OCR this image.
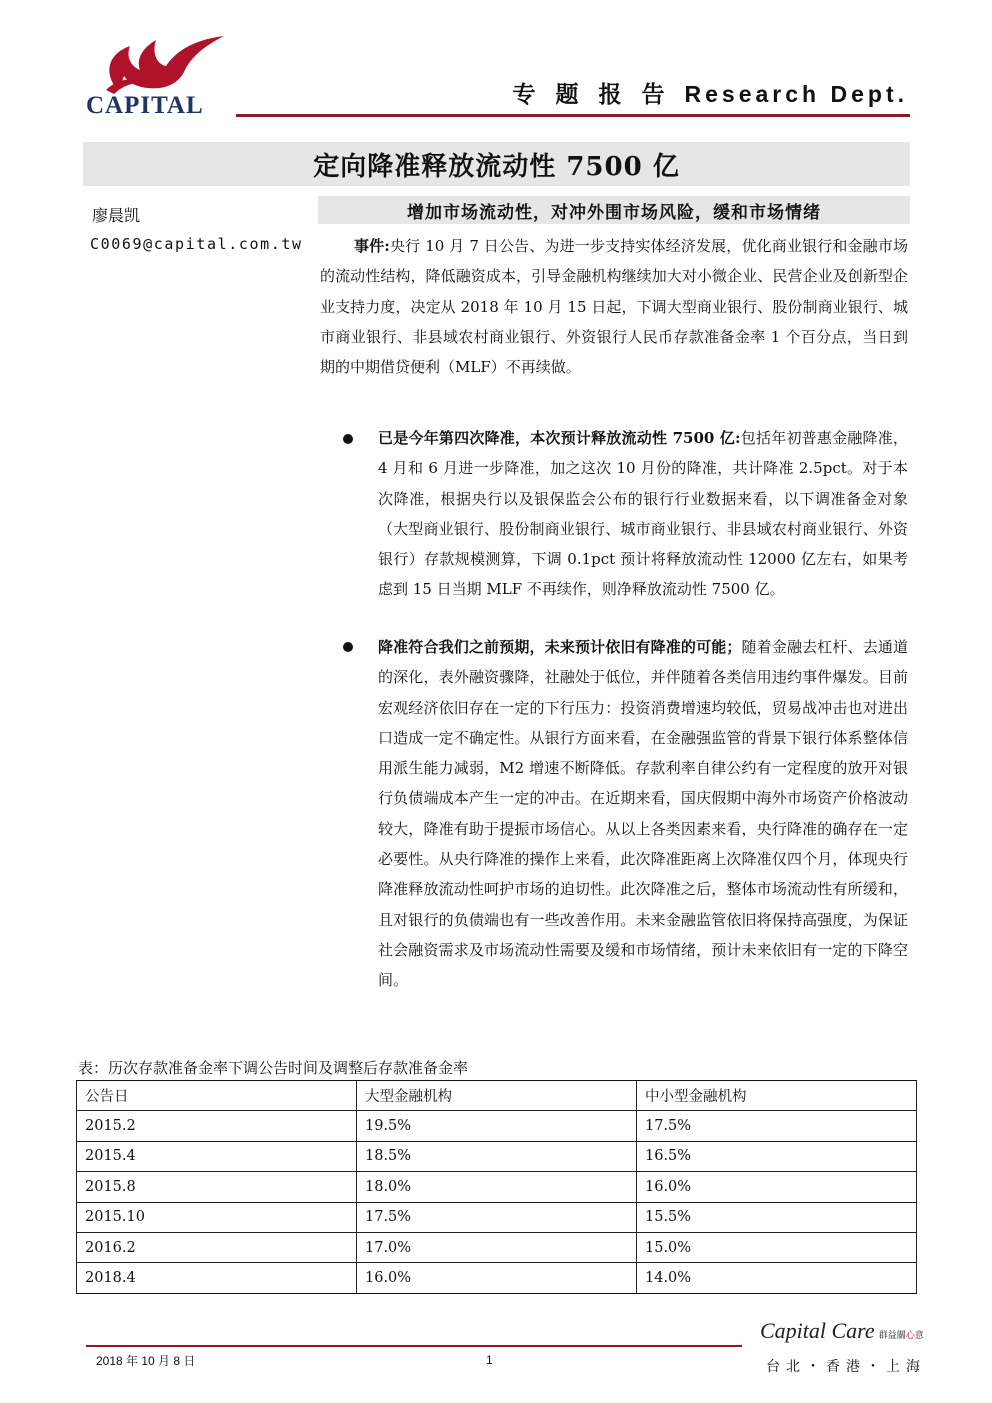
CAPITAL	专 题 报 告 Research Dept.
定向降准释放流动性 7500 亿
廖晨凯
C0069@capital.com.tw
增加市场流动性，对冲外围市场风险，缓和市场情绪
事件:央行 10 月 7 日公告、为进一步支持实体经济发展，优化商业银行和金融市场的流动性结构，降低融资成本，引导金融机构继续加大对小微企业、民营企业及创新型企业支持力度，决定从 2018 年 10 月 15 日起，下调大型商业银行、股份制商业银行、城市商业银行、非县域农村商业银行、外资银行人民币存款准备金率 1 个百分点，当日到期的中期借贷便利（MLF）不再续做。
已是今年第四次降准，本次预计释放流动性 7500 亿:包括年初普惠金融降准，4 月和 6 月进一步降准，加之这次 10 月份的降准，共计降准 2.5pct。对于本次降准，根据央行以及银保监会公布的银行行业数据来看，以下调准备金对象（大型商业银行、股份制商业银行、城市商业银行、非县域农村商业银行、外资银行）存款规模测算，下调 0.1pct 预计将释放流动性 12000 亿左右，如果考虑到 15 日当期 MLF 不再续作，则净释放流动性 7500 亿。
降准符合我们之前预期，未来预计依旧有降准的可能；随着金融去杠杆、去通道的深化，表外融资骤降，社融处于低位，并伴随着各类信用违约事件爆发。目前宏观经济依旧存在一定的下行压力：投资消费增速均较低，贸易战冲击也对进出口造成一定不确定性。从银行方面来看，在金融强监管的背景下银行体系整体信用派生能力减弱，M2 增速不断降低。存款利率自律公约有一定程度的放开对银行负债端成本产生一定的冲击。在近期来看，国庆假期中海外市场资产价格波动较大，降准有助于提振市场信心。从以上各类因素来看，央行降准的确存在一定必要性。从央行降准的操作上来看，此次降准距离上次降准仅四个月，体现央行降准释放流动性呵护市场的迫切性。此次降准之后，整体市场流动性有所缓和，且对银行的负债端也有一些改善作用。未来金融监管依旧将保持高强度，为保证社会融资需求及市场流动性需要及缓和市场情绪，预计未来依旧有一定的下降空间。
表：历次存款准备金率下调公告时间及调整后存款准备金率
公告日	大型金融机构	中小型金融机构
2015.2	19.5%	17.5%
2015.4	18.5%	16.5%
2015.8	18.0%	16.0%
2015.10	17.5%	15.5%
2016.2	17.0%	15.0%
2018.4	16.0%	14.0%
Capital Care 群益關心意
2018 年 10 月 8 日	1	台北・香港・上海
